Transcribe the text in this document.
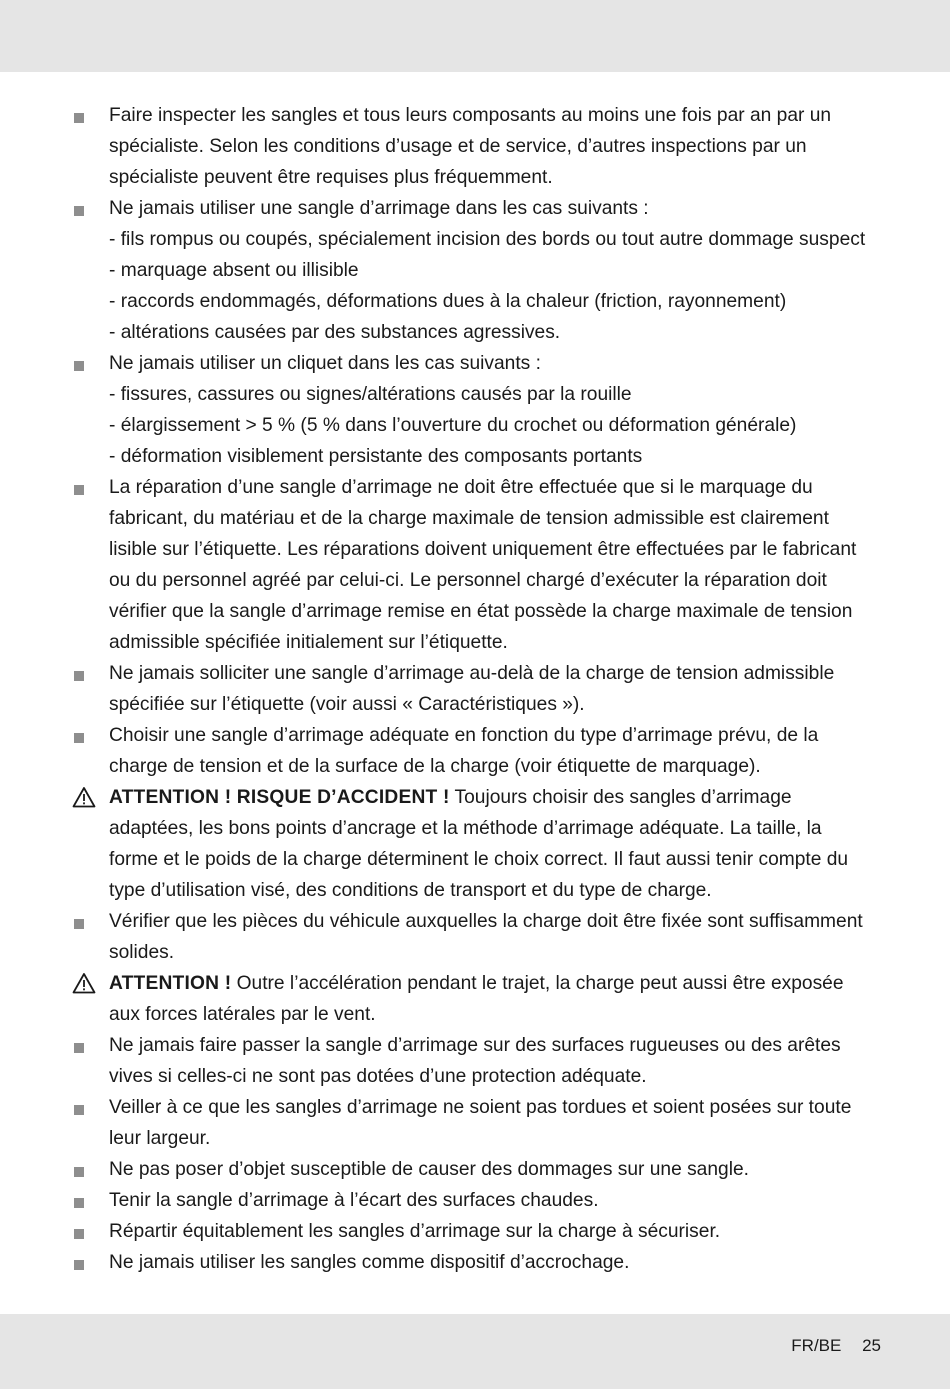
Faire inspecter les sangles et tous leurs composants au moins une fois par an par un
spécialiste. Selon les conditions d’usage et de service, d’autres inspections par un
spécialiste peuvent être requises plus fréquemment.
Ne jamais utiliser une sangle d’arrimage dans les cas suivants :
- fils rompus ou coupés, spécialement incision des bords ou tout autre dommage suspect
- marquage absent ou illisible
- raccords endommagés, déformations dues à la chaleur (friction, rayonnement)
- altérations causées par des substances agressives.
Ne jamais utiliser un cliquet dans les cas suivants :
- fissures, cassures ou signes/altérations causés par la rouille
- élargissement > 5 % (5 % dans l’ouverture du crochet ou déformation générale)
- déformation visiblement persistante des composants portants
La réparation d’une sangle d’arrimage ne doit être effectuée que si le marquage du
fabricant, du matériau et de la charge maximale de tension admissible est clairement
lisible sur l’étiquette. Les réparations doivent uniquement être effectuées par le fabricant
ou du personnel agréé par celui-ci. Le personnel chargé d’exécuter la réparation doit
vérifier que la sangle d’arrimage remise en état possède la charge maximale de tension
admissible spécifiée initialement sur l’étiquette.
Ne jamais solliciter une sangle d’arrimage au-delà de la charge de tension admissible
spécifiée sur l’étiquette (voir aussi « Caractéristiques »).
Choisir une sangle d’arrimage adéquate en fonction du type d’arrimage prévu, de la
charge de tension et de la surface de la charge (voir étiquette de marquage).
ATTENTION ! RISQUE D’ACCIDENT ! Toujours choisir des sangles d’arrimage
adaptées, les bons points d’ancrage et la méthode d’arrimage adéquate. La taille, la
forme et le poids de la charge déterminent le choix correct. Il faut aussi tenir compte du
type d’utilisation visé, des conditions de transport et du type de charge.
Vérifier que les pièces du véhicule auxquelles la charge doit être fixée sont suffisamment
solides.
ATTENTION ! Outre l’accélération pendant le trajet, la charge peut aussi être exposée
aux forces latérales par le vent.
Ne jamais faire passer la sangle d’arrimage sur des surfaces rugueuses ou des arêtes
vives si celles-ci ne sont pas dotées d’une protection adéquate.
Veiller à ce que les sangles d’arrimage ne soient pas tordues et soient posées sur toute
leur largeur.
Ne pas poser d’objet susceptible de causer des dommages sur une sangle.
Tenir la sangle d’arrimage à l’écart des surfaces chaudes.
Répartir équitablement les sangles d’arrimage sur la charge à sécuriser.
Ne jamais utiliser les sangles comme dispositif d’accrochage.
FR/BE 25
